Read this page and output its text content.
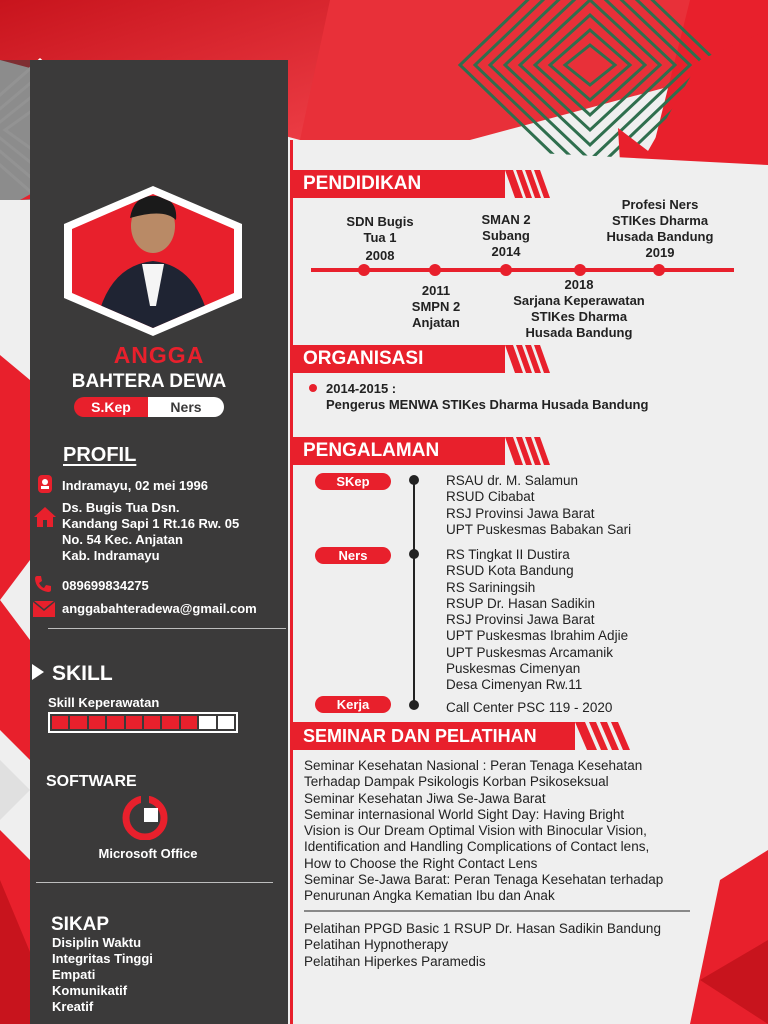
ANGGA
BAHTERA DEWA
S.Kep	Ners
PROFIL
Indramayu, 02 mei 1996
Ds. Bugis Tua Dsn.
Kandang Sapi 1 Rt.16 Rw. 05
No. 54 Kec. Anjatan
Kab. Indramayu
089699834275
anggabahteradewa@gmail.com
SKILL
Skill Keperawatan
SOFTWARE
Microsoft Office
SIKAP
Disiplin Waktu
Integritas Tinggi
Empati
Komunikatif
Kreatif
PENDIDIKAN
SDN Bugis
Tua 1
2008
2011
SMPN 2
Anjatan
SMAN 2
Subang
2014
2018
Sarjana Keperawatan
STIKes Dharma
Husada Bandung
Profesi Ners
STIKes Dharma
Husada Bandung
2019
ORGANISASI
2014-2015 :
Pengerus MENWA STIKes Dharma Husada Bandung
PENGALAMAN
SKep
Ners
Kerja
RSAU dr. M. Salamun
RSUD Cibabat
RSJ Provinsi Jawa Barat
UPT Puskesmas Babakan Sari
RS Tingkat II Dustira
RSUD Kota Bandung
RS Sariningsih
RSUP Dr. Hasan Sadikin
RSJ Provinsi Jawa Barat
UPT Puskesmas Ibrahim Adjie
UPT Puskesmas Arcamanik
Puskesmas Cimenyan
Desa Cimenyan Rw.11
Call Center PSC 119 - 2020
SEMINAR DAN PELATIHAN
Seminar Kesehatan Nasional : Peran Tenaga Kesehatan
Terhadap Dampak Psikologis Korban Psikoseksual
Seminar Kesehatan Jiwa Se-Jawa Barat
Seminar internasional World Sight Day: Having Bright
Vision is Our Dream Optimal Vision with Binocular Vision,
Identification and Handling Complications of Contact lens,
How to Choose the Right Contact Lens
Seminar Se-Jawa Barat: Peran Tenaga Kesehatan terhadap
Penurunan Angka Kematian Ibu dan Anak
Pelatihan PPGD Basic 1 RSUP Dr. Hasan Sadikin Bandung
Pelatihan Hypnotherapy
Pelatihan Hiperkes Paramedis
